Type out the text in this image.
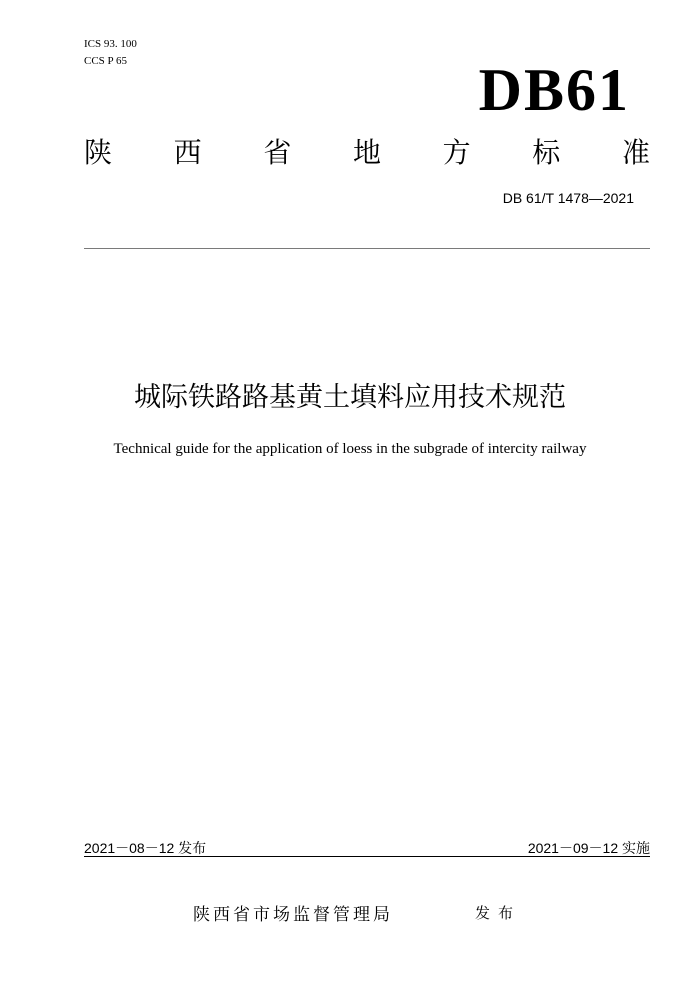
ICS 93. 100
CCS P 65	DB61
陕 西 省 地 方 标 准
DB 61/T 1478—2021
城际铁路路基黄土填料应用技术规范
Technical guide for the application of loess in the subgrade of intercity railway
2021－08－12 发布	2021－09－12 实施
陕西省市场监督管理局	发布
